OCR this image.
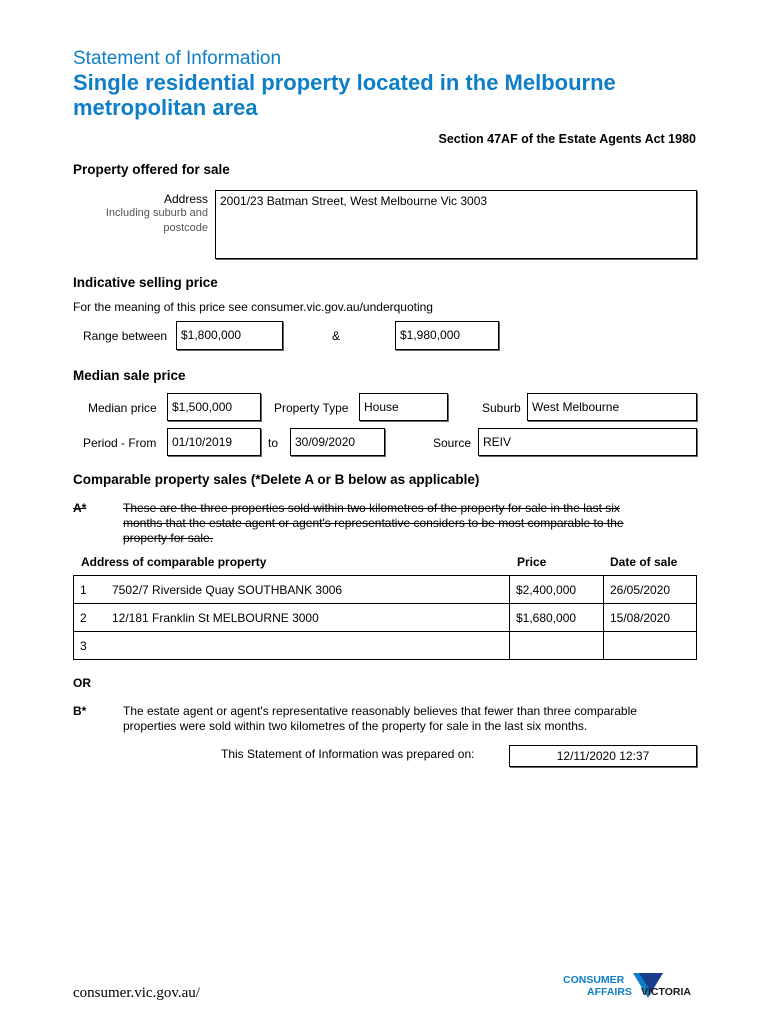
Statement of Information
Single residential property located in the Melbourne metropolitan area
Section 47AF of the Estate Agents Act 1980
Property offered for sale
Address
Including suburb and
postcode
2001/23 Batman Street, West Melbourne Vic 3003
Indicative selling price
For the meaning of this price see consumer.vic.gov.au/underquoting
Range between	$1,800,000	&	$1,980,000
Median sale price
Median price	$1,500,000	Property Type	House	Suburb West Melbourne
Period - From	01/10/2019	to	30/09/2020	Source REIV
Comparable property sales (*Delete A or B below as applicable)
A*	These are the three properties sold within two kilometres of the property for sale in the last six
months that the estate agent or agent's representative considers to be most comparable to the
property for sale.
Address of comparable property	Price	Date of sale
1 7502/7 Riverside Quay SOUTHBANK 3006	$2,400,000	26/05/2020
2 12/181 Franklin St MELBOURNE 3000	$1,680,000	15/08/2020
3		
OR
B*	The estate agent or agent's representative reasonably believes that fewer than three comparable
properties were sold within two kilometres of the property for sale in the last six months.
This Statement of Information was prepared on:	12/11/2020 12:37
consumer.vic.gov.au/
CONSUMER
AFFAIRS VICTORIA
